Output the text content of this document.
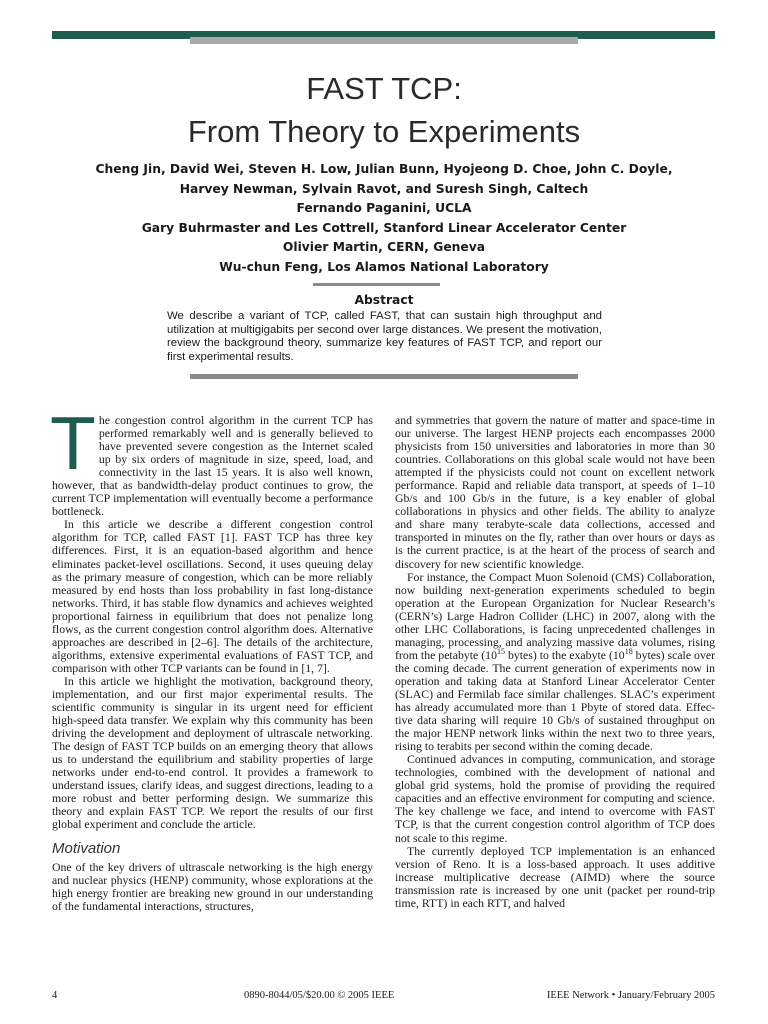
FAST TCP:
From Theory to Experiments
Cheng Jin, David Wei, Steven H. Low, Julian Bunn, Hyojeong D. Choe, John C. Doyle,
Harvey Newman, Sylvain Ravot, and Suresh Singh, Caltech
Fernando Paganini, UCLA
Gary Buhrmaster and Les Cottrell, Stanford Linear Accelerator Center
Olivier Martin, CERN, Geneva
Wu-chun Feng, Los Alamos National Laboratory
Abstract
We describe a variant of TCP, called FAST, that can sustain high throughput and utilization at multigigabits per second over large distances. We present the motivation, review the background theory, summarize key features of FAST TCP, and report our first experimental results.

The congestion control algorithm in the current TCP has performed remarkably well and is generally believed to have prevented severe congestion as the Internet scaled up by six orders of magnitude in size, speed, load, and connectivity in the last 15 years. It is also well known, however, that as bandwidth-delay product continues to grow, the current TCP implementation will eventually become a performance bottleneck.

In this article we describe a different congestion control algorithm for TCP, called FAST [1]. FAST TCP has three key differences. First, it is an equation-based algorithm and hence eliminates packet-level oscillations. Second, it uses queuing delay as the primary measure of congestion, which can be more reliably measured by end hosts than loss probability in fast long-distance networks. Third, it has stable flow dynamics and achieves weighted proportional fairness in equilibrium that does not penalize long flows, as the current congestion control algorithm does. Alternative approaches are described in [2–6]. The details of the architecture, algorithms, extensive experimental evaluations of FAST TCP, and comparison with other TCP variants can be found in [1, 7].

In this article we highlight the motivation, background theory, implementation, and our first major experimental results. The scientific community is singular in its urgent need for efficient high-speed data transfer. We explain why this community has been driving the development and deployment of ultrascale networking. The design of FAST TCP builds on an emerging theory that allows us to understand the equilibrium and stability properties of large networks under end-to-end control. It provides a framework to understand issues, clarify ideas, and suggest directions, leading to a more robust and better performing design. We summarize this theory and explain FAST TCP. We report the results of our first global experiment and conclude the article.

Motivation

One of the key drivers of ultrascale networking is the high energy and nuclear physics (HENP) community, whose explorations at the high energy frontier are breaking new ground in our understanding of the fundamental interactions, structures,

and symmetries that govern the nature of matter and space-time in our universe. The largest HENP projects each encompasses 2000 physicists from 150 universities and laboratories in more than 30 countries. Collaborations on this global scale would not have been attempted if the physicists could not count on excellent network performance. Rapid and reliable data transport, at speeds of 1–10 Gb/s and 100 Gb/s in the future, is a key enabler of global collaborations in physics and other fields. The ability to analyze and share many terabyte-scale data collections, accessed and transported in minutes on the fly, rather than over hours or days as is the current practice, is at the heart of the process of search and discovery for new scientific knowledge.

For instance, the Compact Muon Solenoid (CMS) Collaboration, now building next-generation experiments scheduled to begin operation at the European Organization for Nuclear Research’s (CERN’s) Large Hadron Collider (LHC) in 2007, along with the other LHC Collaborations, is facing unprecedented challenges in managing, processing, and analyzing massive data volumes, rising from the petabyte ($10^{15}$ bytes) to the exabyte ($10^{18}$ bytes) scale over the coming decade. The current generation of experiments now in operation and taking data at Stanford Linear Accelerator Center (SLAC) and Fermilab face similar challenges. SLAC’s experiment has already accumulated more than 1 Pbyte of stored data. Effective data sharing will require 10 Gb/s of sustained throughput on the major HENP network links within the next two to three years, rising to terabits per second within the coming decade.

Continued advances in computing, communication, and storage technologies, combined with the development of national and global grid systems, hold the promise of providing the required capacities and an effective environment for computing and science. The key challenge we face, and intend to overcome with FAST TCP, is that the current congestion control algorithm of TCP does not scale to this regime.

The currently deployed TCP implementation is an enhanced version of Reno. It is a loss-based approach. It uses additive increase multiplicative decrease (AIMD) where the source transmission rate is increased by one unit (packet per round-trip time, RTT) in each RTT, and halved

4	0890-8044/05/$20.00 © 2005 IEEE	IEEE Network • January/February 2005
